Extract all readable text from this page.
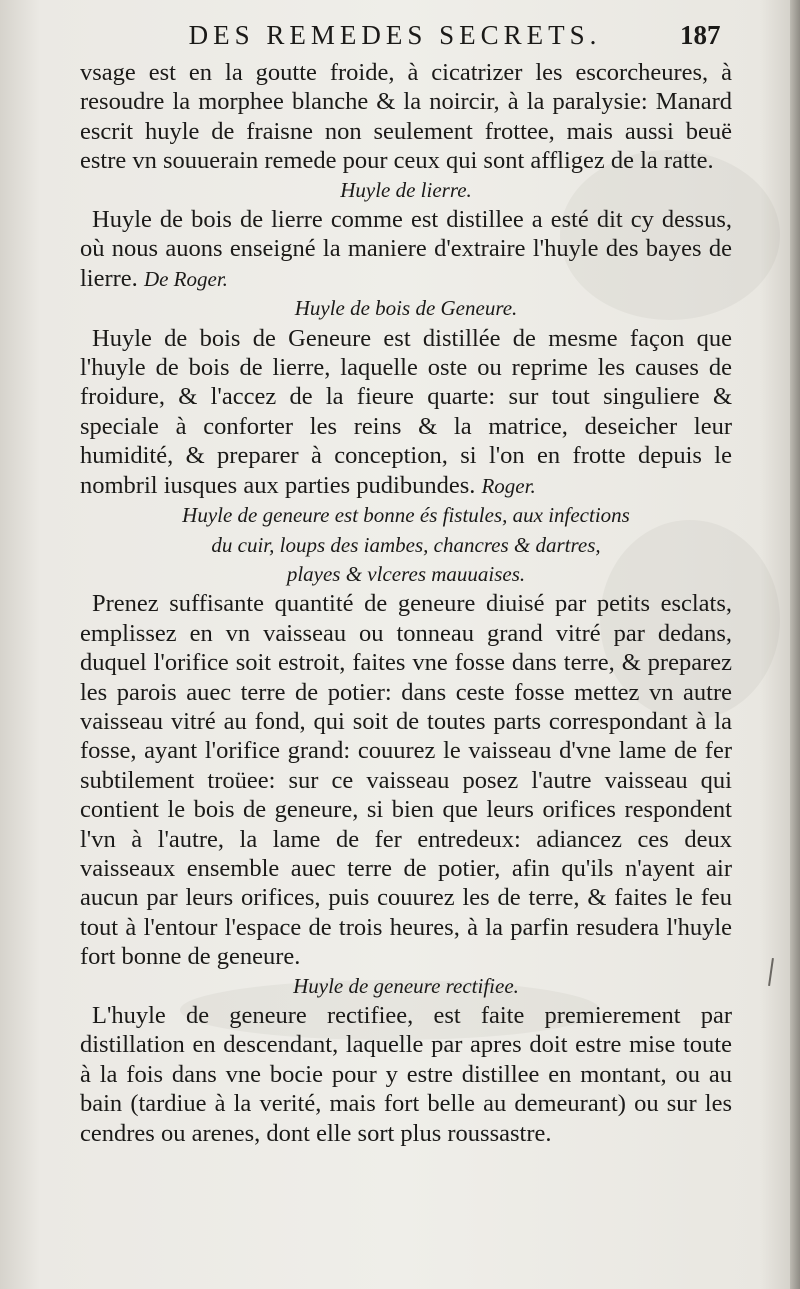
DES REMEDES SECRETS.	187

vsage est en la goutte froide, à cicatrizer les escorcheures, à resoudre la morphee blanche & la noircir, à la paralysie: Manard escrit huyle de fraisne non seulement frottee, mais aussi beuë estre vn souuerain remede pour ceux qui sont affligez de la ratte.

Huyle de lierre.

Huyle de bois de lierre comme est distillee a esté dit cy dessus, où nous auons enseigné la maniere d'extraire l'huyle des bayes de lierre. De Roger.

Huyle de bois de Geneure.

Huyle de bois de Geneure est distillée de mesme façon que l'huyle de bois de lierre, laquelle oste ou reprime les causes de froidure, & l'accez de la fieure quarte: sur tout singuliere & speciale à conforter les reins & la matrice, deseicher leur humidité, & preparer à conception, si l'on en frotte depuis le nombril iusques aux parties pudibundes. Roger.

Huyle de geneure est bonne és fistules, aux infections

du cuir, loups des iambes, chancres & dartres,

playes & vlceres mauuaises.

Prenez suffisante quantité de geneure diuisé par petits esclats, emplissez en vn vaisseau ou tonneau grand vitré par dedans, duquel l'orifice soit estroit, faites vne fosse dans terre, & preparez les parois auec terre de potier: dans ceste fosse mettez vn autre vaisseau vitré au fond, qui soit de toutes parts correspondant à la fosse, ayant l'orifice grand: couurez le vaisseau d'vne lame de fer subtilement troüee: sur ce vaisseau posez l'autre vaisseau qui contient le bois de geneure, si bien que leurs orifices respondent l'vn à l'autre, la lame de fer entredeux: adiancez ces deux vaisseaux ensemble auec terre de potier, afin qu'ils n'ayent air aucun par leurs orifices, puis couurez les de terre, & faites le feu tout à l'entour l'espace de trois heures, à la parfin resudera l'huyle fort bonne de geneure.

Huyle de geneure rectifiee.

L'huyle de geneure rectifiee, est faite premierement par distillation en descendant, laquelle par apres doit estre mise toute à la fois dans vne bocie pour y estre distillee en montant, ou au bain (tardiue à la verité, mais fort belle au demeurant) ou sur les cendres ou arenes, dont elle sort plus roussastre.
